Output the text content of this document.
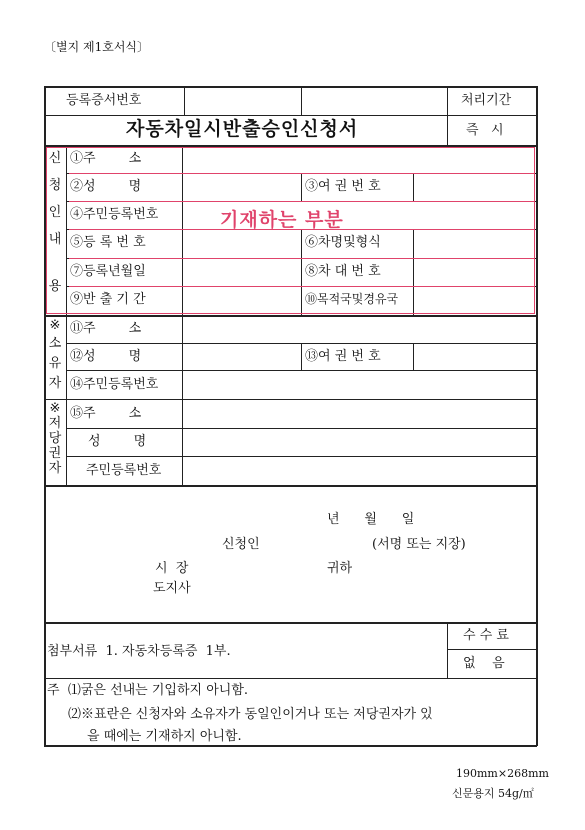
〔별지 제1호서식〕
등록증서번호
자동차일시반출승인신청서
처리기간
즉   시
신
청
인
내
용
①주        소
②성        명	③여 권 번 호
④주민등록번호
⑤등 록 번 호	⑥차명및형식
⑦등록년월일	⑧차 대 번 호
⑨반 출 기 간	⑩목적국및경유국
기재하는 부분
※
소
유
자
⑪주        소
⑫성        명	⑬여 권 번 호
⑭주민등록번호
※
저
당
권
자
⑮주        소
성        명
주민등록번호
년      월      일
신청인	(서명 또는 지장)
시  장	귀하
도지사
첨부서류  1. 자동차등록증  1부.
수 수 료
없    음
주  ⑴굵은 선내는 기입하지 아니함.
⑵※표란은 신청자와 소유자가 동일인이거나 또는 저당권자가 있
을 때에는 기재하지 아니함.
190mm×268mm
신문용지 54g/㎡
